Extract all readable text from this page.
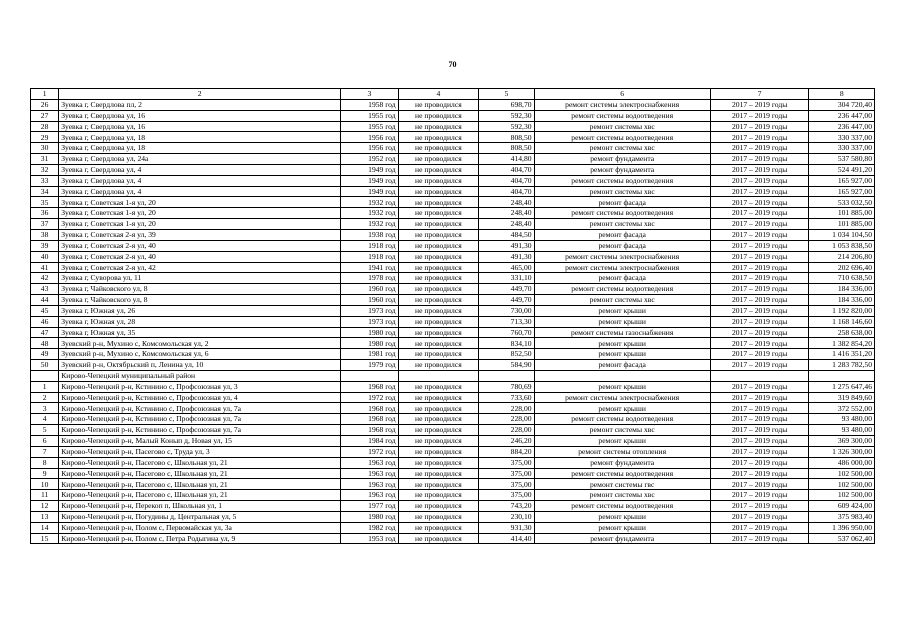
70
1	2	3	4	5	6	7	8
26	Зуевка г, Свердлова пл, 2	1958 год	не проводился	698,70	ремонт системы электроснабжения	2017 – 2019 годы	304 720,40
27	Зуевка г, Свердлова ул, 16	1955 год	не проводился	592,30	ремонт системы водоотведения	2017 – 2019 годы	236 447,00
28	Зуевка г, Свердлова ул, 16	1955 год	не проводился	592,30	ремонт системы хвс	2017 – 2019 годы	236 447,00
29	Зуевка г, Свердлова ул, 18	1956 год	не проводился	808,50	ремонт системы водоотведения	2017 – 2019 годы	330 337,00
30	Зуевка г, Свердлова ул, 18	1956 год	не проводился	808,50	ремонт системы хвс	2017 – 2019 годы	330 337,00
31	Зуевка г, Свердлова ул, 24а	1952 год	не проводился	414,80	ремонт фундамента	2017 – 2019 годы	537 580,80
32	Зуевка г, Свердлова ул, 4	1949 год	не проводился	404,70	ремонт фундамента	2017 – 2019 годы	524 491,20
33	Зуевка г, Свердлова ул, 4	1949 год	не проводился	404,70	ремонт системы водоотведения	2017 – 2019 годы	165 927,00
34	Зуевка г, Свердлова ул, 4	1949 год	не проводился	404,70	ремонт системы хвс	2017 – 2019 годы	165 927,00
35	Зуевка г, Советская 1-я ул, 20	1932 год	не проводился	248,40	ремонт фасада	2017 – 2019 годы	533 032,50
36	Зуевка г, Советская 1-я ул, 20	1932 год	не проводился	248,40	ремонт системы водоотведения	2017 – 2019 годы	101 885,00
37	Зуевка г, Советская 1-я ул, 20	1932 год	не проводился	248,40	ремонт системы хвс	2017 – 2019 годы	101 885,00
38	Зуевка г, Советская 2-я ул, 39	1938 год	не проводился	484,50	ремонт фасада	2017 – 2019 годы	1 034 104,50
39	Зуевка г, Советская 2-я ул, 40	1918 год	не проводился	491,30	ремонт фасада	2017 – 2019 годы	1 053 838,50
40	Зуевка г, Советская 2-я ул, 40	1918 год	не проводился	491,30	ремонт системы электроснабжения	2017 – 2019 годы	214 206,80
41	Зуевка г, Советская 2-я ул, 42	1941 год	не проводился	465,00	ремонт системы электроснабжения	2017 – 2019 годы	202 696,40
42	Зуевка г, Суворова ул, 11	1978 год	не проводился	331,10	ремонт фасада	2017 – 2019 годы	710 638,50
43	Зуевка г, Чайковского ул, 8	1960 год	не проводился	449,70	ремонт системы водоотведения	2017 – 2019 годы	184 336,00
44	Зуевка г, Чайковского ул, 8	1960 год	не проводился	449,70	ремонт системы хвс	2017 – 2019 годы	184 336,00
45	Зуевка г, Южная ул, 26	1973 год	не проводился	730,00	ремонт крыши	2017 – 2019 годы	1 192 820,00
46	Зуевка г, Южная ул, 28	1973 год	не проводился	713,30	ремонт крыши	2017 – 2019 годы	1 168 146,60
47	Зуевка г, Южная ул, 35	1980 год	не проводился	760,70	ремонт системы газоснабжения	2017 – 2019 годы	258 638,00
48	Зуевский р-н, Мухино с, Комсомольская ул, 2	1980 год	не проводился	834,10	ремонт крыши	2017 – 2019 годы	1 382 854,20
49	Зуевский р-н, Мухино с, Комсомольская ул, 6	1981 год	не проводился	852,50	ремонт крыши	2017 – 2019 годы	1 416 351,20
50	Зуевский р-н, Октябрьский п, Ленина ул, 10	1979 год	не проводился	584,90	ремонт фасада	2017 – 2019 годы	1 283 782,50
	Кирово-Чепецкий муниципальный район						
1	Кирово-Чепецкий р-н, Кстинино с, Профсоюзная ул, 3	1968 год	не проводился	780,69	ремонт крыши	2017 – 2019 годы	1 275 647,46
2	Кирово-Чепецкий р-н, Кстинино с, Профсоюзная ул, 4	1972 год	не проводился	733,60	ремонт системы электроснабжения	2017 – 2019 годы	319 849,60
3	Кирово-Чепецкий р-н, Кстинино с, Профсоюзная ул, 7а	1968 год	не проводился	228,00	ремонт крыши	2017 – 2019 годы	372 552,00
4	Кирово-Чепецкий р-н, Кстинино с, Профсоюзная ул, 7а	1968 год	не проводился	228,00	ремонт системы водоотведения	2017 – 2019 годы	93 480,00
5	Кирово-Чепецкий р-н, Кстинино с, Профсоюзная ул, 7а	1968 год	не проводился	228,00	ремонт системы хвс	2017 – 2019 годы	93 480,00
6	Кирово-Чепецкий р-н, Малый Конып д, Новая ул, 15	1984 год	не проводился	246,20	ремонт крыши	2017 – 2019 годы	369 300,00
7	Кирово-Чепецкий р-н, Пасегово с, Труда ул, 3	1972 год	не проводился	884,20	ремонт системы отопления	2017 – 2019 годы	1 326 300,00
8	Кирово-Чепецкий р-н, Пасегово с, Школьная ул, 21	1963 год	не проводился	375,00	ремонт фундамента	2017 – 2019 годы	486 000,00
9	Кирово-Чепецкий р-н, Пасегово с, Школьная ул, 21	1963 год	не проводился	375,00	ремонт системы водоотведения	2017 – 2019 годы	102 500,00
10	Кирово-Чепецкий р-н, Пасегово с, Школьная ул, 21	1963 год	не проводился	375,00	ремонт системы гвс	2017 – 2019 годы	102 500,00
11	Кирово-Чепецкий р-н, Пасегово с, Школьная ул, 21	1963 год	не проводился	375,00	ремонт системы хвс	2017 – 2019 годы	102 500,00
12	Кирово-Чепецкий р-н, Перекоп п, Школьная ул, 1	1977 год	не проводился	743,20	ремонт системы водоотведения	2017 – 2019 годы	609 424,00
13	Кирово-Чепецкий р-н, Погудины д, Центральная ул, 5	1980 год	не проводился	230,10	ремонт крыши	2017 – 2019 годы	375 983,40
14	Кирово-Чепецкий р-н, Полом с, Первомайская ул, 3а	1982 год	не проводился	931,30	ремонт крыши	2017 – 2019 годы	1 396 950,00
15	Кирово-Чепецкий р-н, Полом с, Петра Родыгина ул, 9	1953 год	не проводился	414,40	ремонт фундамента	2017 – 2019 годы	537 062,40
